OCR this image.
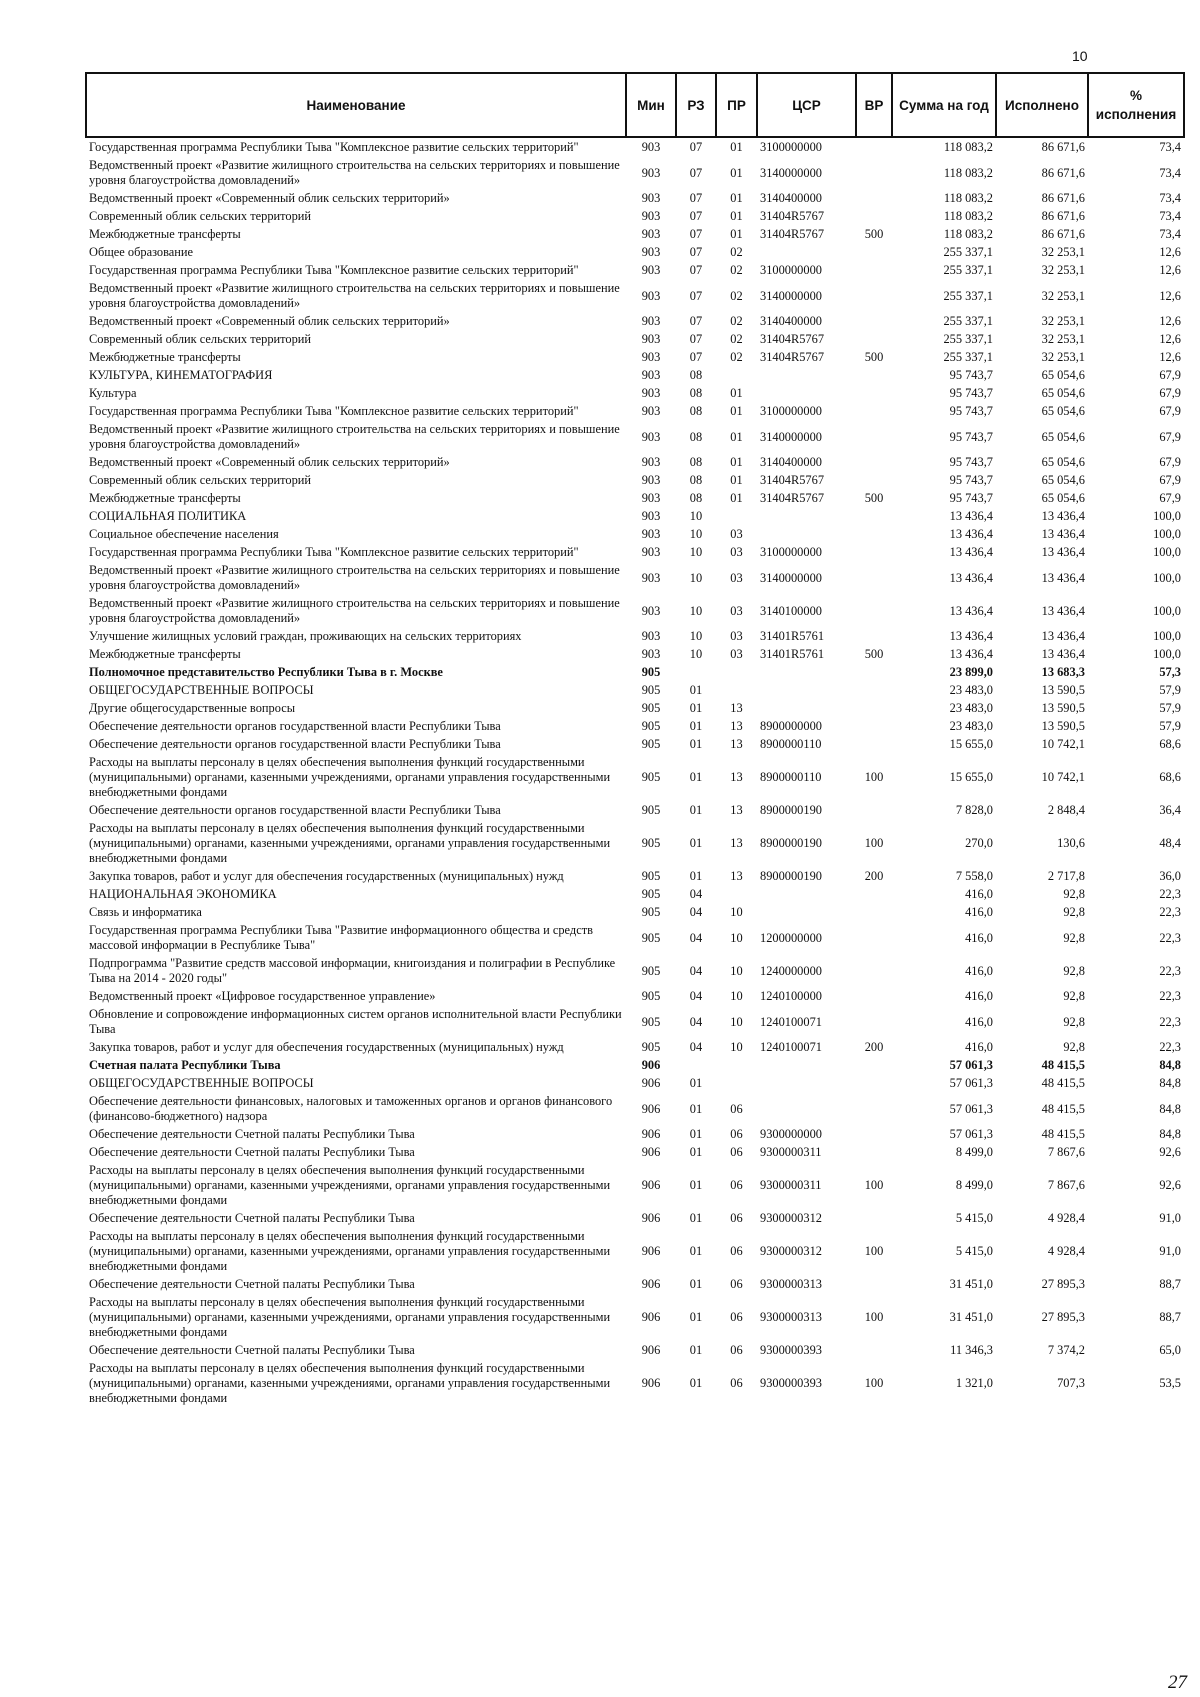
10
Наименование	Мин	РЗ	ПР	ЦСР	ВР	Сумма на год	Исполнено	% исполнения
Государственная программа Республики Тыва "Комплексное развитие сельских территорий"	903	07	01	3100000000		118 083,2	86 671,6	73,4
Ведомственный проект «Развитие жилищного строительства на сельских территориях и повышение уровня благоустройства домовладений»	903	07	01	3140000000		118 083,2	86 671,6	73,4
Ведомственный проект «Современный облик сельских территорий»	903	07	01	3140400000		118 083,2	86 671,6	73,4
Современный облик сельских территорий	903	07	01	31404R5767		118 083,2	86 671,6	73,4
Межбюджетные трансферты	903	07	01	31404R5767	500	118 083,2	86 671,6	73,4
Общее образование	903	07	02			255 337,1	32 253,1	12,6
Государственная программа Республики Тыва "Комплексное развитие сельских территорий"	903	07	02	3100000000		255 337,1	32 253,1	12,6
Ведомственный проект «Развитие жилищного строительства на сельских территориях и повышение уровня благоустройства домовладений»	903	07	02	3140000000		255 337,1	32 253,1	12,6
Ведомственный проект «Современный облик сельских территорий»	903	07	02	3140400000		255 337,1	32 253,1	12,6
Современный облик сельских территорий	903	07	02	31404R5767		255 337,1	32 253,1	12,6
Межбюджетные трансферты	903	07	02	31404R5767	500	255 337,1	32 253,1	12,6
КУЛЬТУРА, КИНЕМАТОГРАФИЯ	903	08				95 743,7	65 054,6	67,9
Культура	903	08	01			95 743,7	65 054,6	67,9
Государственная программа Республики Тыва "Комплексное развитие сельских территорий"	903	08	01	3100000000		95 743,7	65 054,6	67,9
Ведомственный проект «Развитие жилищного строительства на сельских территориях и повышение уровня благоустройства домовладений»	903	08	01	3140000000		95 743,7	65 054,6	67,9
Ведомственный проект «Современный облик сельских территорий»	903	08	01	3140400000		95 743,7	65 054,6	67,9
Современный облик сельских территорий	903	08	01	31404R5767		95 743,7	65 054,6	67,9
Межбюджетные трансферты	903	08	01	31404R5767	500	95 743,7	65 054,6	67,9
СОЦИАЛЬНАЯ ПОЛИТИКА	903	10				13 436,4	13 436,4	100,0
Социальное обеспечение населения	903	10	03			13 436,4	13 436,4	100,0
Государственная программа Республики Тыва "Комплексное развитие сельских территорий"	903	10	03	3100000000		13 436,4	13 436,4	100,0
Ведомственный проект «Развитие жилищного строительства на сельских территориях и повышение уровня благоустройства домовладений»	903	10	03	3140000000		13 436,4	13 436,4	100,0
Ведомственный проект «Развитие жилищного строительства на сельских территориях и повышение уровня благоустройства домовладений»	903	10	03	3140100000		13 436,4	13 436,4	100,0
Улучшение жилищных условий граждан, проживающих на сельских территориях	903	10	03	31401R5761		13 436,4	13 436,4	100,0
Межбюджетные трансферты	903	10	03	31401R5761	500	13 436,4	13 436,4	100,0
Полномочное представительство Республики Тыва в г. Москве	905					23 899,0	13 683,3	57,3
ОБЩЕГОСУДАРСТВЕННЫЕ ВОПРОСЫ	905	01				23 483,0	13 590,5	57,9
Другие общегосударственные вопросы	905	01	13			23 483,0	13 590,5	57,9
Обеспечение деятельности органов государственной власти Республики Тыва	905	01	13	8900000000		23 483,0	13 590,5	57,9
Обеспечение деятельности органов государственной власти Республики Тыва	905	01	13	8900000110		15 655,0	10 742,1	68,6
Расходы на выплаты персоналу в целях обеспечения выполнения функций государственными (муниципальными) органами, казенными учреждениями, органами управления государственными внебюджетными фондами	905	01	13	8900000110	100	15 655,0	10 742,1	68,6
Обеспечение деятельности органов государственной власти Республики Тыва	905	01	13	8900000190		7 828,0	2 848,4	36,4
Расходы на выплаты персоналу в целях обеспечения выполнения функций государственными (муниципальными) органами, казенными учреждениями, органами управления государственными внебюджетными фондами	905	01	13	8900000190	100	270,0	130,6	48,4
Закупка товаров, работ и услуг для обеспечения государственных (муниципальных) нужд	905	01	13	8900000190	200	7 558,0	2 717,8	36,0
НАЦИОНАЛЬНАЯ ЭКОНОМИКА	905	04				416,0	92,8	22,3
Связь и информатика	905	04	10			416,0	92,8	22,3
Государственная программа Республики Тыва "Развитие информационного общества и средств массовой информации в Республике Тыва"	905	04	10	1200000000		416,0	92,8	22,3
Подпрограмма "Развитие средств массовой информации, книгоиздания и полиграфии в Республике Тыва на 2014 - 2020 годы"	905	04	10	1240000000		416,0	92,8	22,3
Ведомственный проект «Цифровое государственное управление»	905	04	10	1240100000		416,0	92,8	22,3
Обновление и сопровождение информационных систем органов исполнительной власти Республики Тыва	905	04	10	1240100071		416,0	92,8	22,3
Закупка товаров, работ и услуг для обеспечения государственных (муниципальных) нужд	905	04	10	1240100071	200	416,0	92,8	22,3
Счетная палата Республики Тыва	906					57 061,3	48 415,5	84,8
ОБЩЕГОСУДАРСТВЕННЫЕ ВОПРОСЫ	906	01				57 061,3	48 415,5	84,8
Обеспечение деятельности финансовых, налоговых и таможенных органов и органов финансового (финансово-бюджетного) надзора	906	01	06			57 061,3	48 415,5	84,8
Обеспечение деятельности Счетной палаты Республики Тыва	906	01	06	9300000000		57 061,3	48 415,5	84,8
Обеспечение деятельности Счетной палаты Республики Тыва	906	01	06	9300000311		8 499,0	7 867,6	92,6
Расходы на выплаты персоналу в целях обеспечения выполнения функций государственными (муниципальными) органами, казенными учреждениями, органами управления государственными внебюджетными фондами	906	01	06	9300000311	100	8 499,0	7 867,6	92,6
Обеспечение деятельности Счетной палаты Республики Тыва	906	01	06	9300000312		5 415,0	4 928,4	91,0
Расходы на выплаты персоналу в целях обеспечения выполнения функций государственными (муниципальными) органами, казенными учреждениями, органами управления государственными внебюджетными фондами	906	01	06	9300000312	100	5 415,0	4 928,4	91,0
Обеспечение деятельности Счетной палаты Республики Тыва	906	01	06	9300000313		31 451,0	27 895,3	88,7
Расходы на выплаты персоналу в целях обеспечения выполнения функций государственными (муниципальными) органами, казенными учреждениями, органами управления государственными внебюджетными фондами	906	01	06	9300000313	100	31 451,0	27 895,3	88,7
Обеспечение деятельности Счетной палаты Республики Тыва	906	01	06	9300000393		11 346,3	7 374,2	65,0
Расходы на выплаты персоналу в целях обеспечения выполнения функций государственными (муниципальными) органами, казенными учреждениями, органами управления государственными внебюджетными фондами	906	01	06	9300000393	100	1 321,0	707,3	53,5
27
